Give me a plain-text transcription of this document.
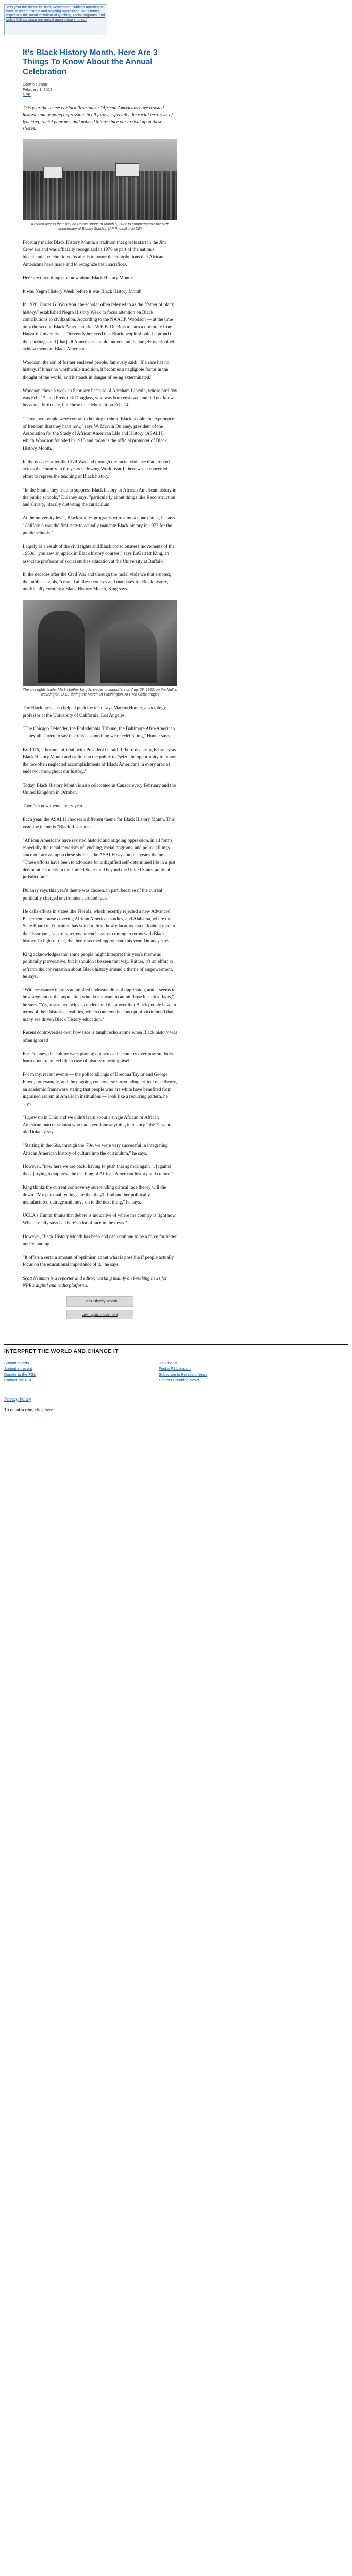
This year the theme is Black Resistance: "African Americans have resisted historic and ongoing oppression, in all forms, especially the racial terrorism of lynching, racial pogroms, and police killings since our arrival upon these shores."
It's Black History Month. Here Are 3 Things To Know About the Annual Celebration
Scott Neuman
February 1, 2023
NPR
This year the theme is Black Resistance: "African Americans have resisted historic and ongoing oppression, in all forms, especially the racial terrorism of lynching, racial pogroms, and police killings since our arrival upon these shores."
A march across the Edmund Pettus Bridge at March 6, 2022 to commemorate the 57th anniversary of Bloody Sunday. (AP Photo/Butch Dill)

February marks Black History Month, a tradition that got its start in the Jim Crow era and was officially recognized in 1976 as part of the nation's bicentennial celebrations. Its aim is to honor the contributions that African Americans have made and to recognize their sacrifices.

Here are three things to know about Black History Month:

It was Negro History Week before it was Black History Month

In 1926, Carter G. Woodson, the scholar often referred to as the "father of black history," established Negro History Week to focus attention on Black contributions to civilization. According to the NAACP, Woodson — at the time only the second Black American after W.E.B. Du Bois to earn a doctorate from Harvard University — "fervently believed that Black people should be proud of their heritage and [that] all Americans should understand the largely overlooked achievements of Black Americans."

Woodson, the son of former enslaved people, famously said: "If a race has no history, if it has no worthwhile tradition, it becomes a negligible factor in the thought of the world, and it stands in danger of being exterminated."

Woodson chose a week in February because of Abraham Lincoln, whose birthday was Feb. 12, and Frederick Douglass, who was born enslaved and did not know his actual birth date, but chose to celebrate it on Feb. 14.

"Those two people were central to helping to shred Black people the experience of freedom that they have now," says W. Marvin Dulaney, president of the Association for the Study of African American Life and History (ASALH), which Woodson founded in 1915 and today is the official promoter of Black History Month.

In the decades after the Civil War and through the racial violence that erupted across the country in the years following World War I, there was a concerted effort to repress the teaching of Black history.

"In the South, they tried to suppress Black history or African American history in the public schools," Dulaney says, "particularly about things like Reconstruction and slavery, literally distorting the curriculum."

At the university level, Black studies programs were almost nonexistent, he says. "California was the first state to actually mandate Black history in 1972 for the public schools."

Largely as a result of the civil rights and Black consciousness movements of the 1960s, "you saw an uptick in Black history courses," says LaGarrett King, an associate professor of social studies education at the University at Buffalo.

In the decades after the Civil War and through the racial violence that erupted, the public schools, "created all these courses and mandates for Black history," unofficially creating a Black History Month, King says.

The civil rights leader Martin Luther King Jr. waves to supporters on Aug. 28, 1963, on the Mall in Washington, D.C., during the March on Washington. AFP via Getty Images

The Black press also helped push the idea, says Marcus Hunter, a sociology professor at the University of California, Los Angeles.

"The Chicago Defender, the Philadelphia Tribune, the Baltimore Afro-American ... they all started to say that this is something we're celebrating," Hunter says.

By 1976, it became official, with President Gerald R. Ford declaring February as Black History Month and calling on the public to "seize the opportunity to honor the too-often neglected accomplishments of Black Americans in every area of endeavor throughout our history."

Today, Black History Month is also celebrated in Canada every February and the United Kingdom in October.

There's a new theme every year

Each year, the ASALH chooses a different theme for Black History Month. This year, the theme is "Black Resistance."

"African Americans have resisted historic and ongoing oppression, in all forms, especially the racial terrorism of lynching, racial pogroms, and police killings since our arrival upon these shores," the ASALH says on this year's theme. "These efforts have been to advocate for a dignified self-determined life in a just democratic society in the United States and beyond the United States political jurisdiction."

Dulaney says this year's theme was chosen, in part, because of the current politically charged environment around race.

He calls efforts in states like Florida, which recently rejected a new Advanced Placement course covering African American studies, and Alabama, where the State Board of Education has voted to limit how educators can talk about race in the classroom, "a strong retrenchment" against coming to terms with Black history. In light of that, the theme seemed appropriate this year, Dulaney says.

King acknowledges that some people might interpret this year's theme as politically provocative, but it shouldn't be seen that way. Rather, it's an effort to reframe the conversation about Black history around a theme of empowerment, he says.

"With resistance there is an implied understanding of oppression, and it seems to be a segment of the population who do not want to admit those historical facts," he says. "Yet, resistance helps us understand the power that Black people have in terms of their historical realities, which counters the concept of victimhood that many see driven Black History education."

Recent controversies over how race is taught echo a time when Black history was often ignored

For Dulaney, the culture wars playing out across the country over how students learn about race feel like a case of history repeating itself.

For many, recent events — the police killings of Breonna Taylor and George Floyd, for example, and the ongoing controversy surrounding critical race theory, an academic framework stating that people who are white have benefited from ingrained racism in American institutions — look like a recurring pattern, he says.

"I grew up in Ohio and we didn't learn about a single African or African American man or woman who had ever done anything in history," the 72-year-old Dulaney says.

"Starting in the '60s, through the '70s, we were very successful in integrating African American history of culture into the curriculum," he says.

However, "now here we are back, having to push that agenda again ... [against those] trying to suppress the teaching of African American history and culture."

King thinks the current controversy surrounding critical race theory will die down. "My personal feelings are that they'll find another politically manufactured outrage and move on to the next thing," he says.

UCLA's Hunter thinks that debate is indicative of where the country is right now. What it really says is "there's a lot of race in the news."

However, Black History Month has been and can continue to be a force for better understanding.

"It offers a certain amount of optimism about what is possible if people actually focus on the educational importance of it," he says.

Scott Neuman is a reporter and editor, working mainly on breaking news for NPR's digital and radio platforms.

Black History Month
civil rights movement
INTERPRET THE WORLD AND CHANGE IT
Submit op-eds
Submit an event
Donate to the PSL
Contact the PSL
Join the PSL
Find a PSL branch
Subscribe to Breaking News
Contact Breaking News
Privacy Policy
To unsubscribe, click here.
